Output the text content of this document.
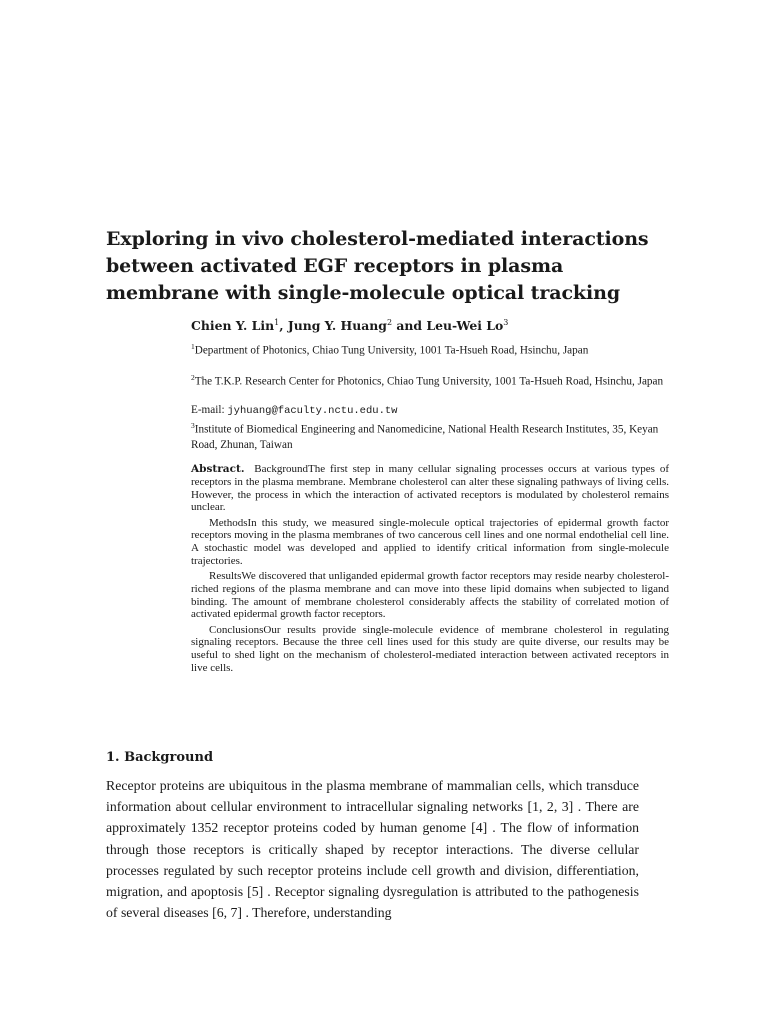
Exploring in vivo cholesterol-mediated interactions
between activated EGF receptors in plasma
membrane with single-molecule optical tracking
Chien Y. Lin$^1$, Jung Y. Huang$^2$ and Leu-Wei Lo$^3$
$^1$Department of Photonics, Chiao Tung University, 1001 Ta-Hsueh Road, Hsinchu, Japan
$^2$The T.K.P. Research Center for Photonics, Chiao Tung University, 1001 Ta-Hsueh Road, Hsinchu, Japan
E-mail: jyhuang@faculty.nctu.edu.tw
$^3$Institute of Biomedical Engineering and Nanomedicine, National Health Research Institutes, 35, Keyan Road, Zhunan, Taiwan

Abstract. BackgroundThe first step in many cellular signaling processes occurs at various types of receptors in the plasma membrane. Membrane cholesterol can alter these signaling pathways of living cells. However, the process in which the interaction of activated receptors is modulated by cholesterol remains unclear.

MethodsIn this study, we measured single-molecule optical trajectories of epidermal growth factor receptors moving in the plasma membranes of two cancerous cell lines and one normal endothelial cell line. A stochastic model was developed and applied to identify critical information from single-molecule trajectories.

ResultsWe discovered that unliganded epidermal growth factor receptors may reside nearby cholesterol-riched regions of the plasma membrane and can move into these lipid domains when subjected to ligand binding. The amount of membrane cholesterol considerably affects the stability of correlated motion of activated epidermal growth factor receptors.

ConclusionsOur results provide single-molecule evidence of membrane cholesterol in regulating signaling receptors. Because the three cell lines used for this study are quite diverse, our results may be useful to shed light on the mechanism of cholesterol-mediated interaction between activated receptors in live cells.

1. Background

Receptor proteins are ubiquitous in the plasma membrane of mammalian cells, which transduce information about cellular environment to intracellular signaling networks [1, 2, 3] . There are approximately 1352 receptor proteins coded by human genome [4] . The flow of information through those receptors is critically shaped by receptor interactions. The diverse cellular processes regulated by such receptor proteins include cell growth and division, differentiation, migration, and apoptosis [5] . Receptor signaling dysregulation is attributed to the pathogenesis of several diseases [6, 7] . Therefore, understanding
